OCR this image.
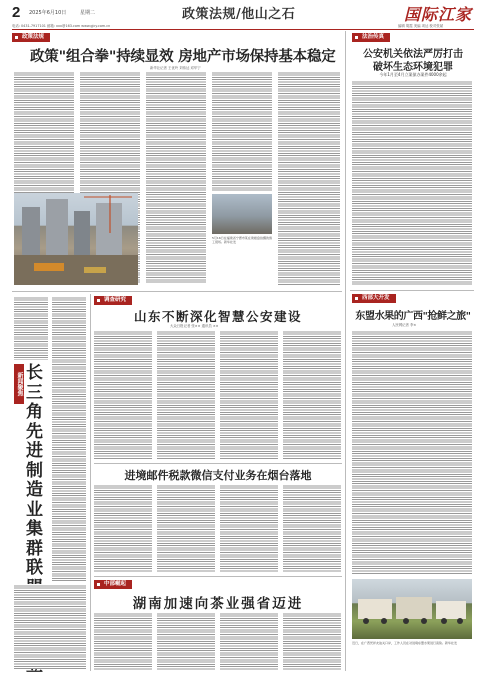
2 2025年6月10日	星期二	政策法规/他山之石	国际江家
电话: 0431-7917101 邮箱: xxx@163.com www.gjcy.com.cn	编辑 胡霞 美编 项达 校对张斌
政策法规
政策"组合拳"持续显效 房地产市场保持基本稳定
新华社记者 王优玲 刘伟达 邓华宁
5月16日在福建省宁德市某在建楼盘拍摄的施工现场。新华社发
法治传真
公安机关依法严厉打击
破坏生态环境犯罪
今年1月至4月立案侦办案件4000余起
西部大开发
东盟水果的广西"抢鲜之旅"
人民网记者 李×
近日，在广西凭祥友谊关口岸，工作人员在对进境东盟水果进行查验。新华社发
新闻聚焦 长
三
角
先
进
制
造
业
集
群
联
调查研究
山东不断深化智慧公安建设
大众日报记者 张×× 通讯员 ××
进境邮件税款微信支付业务在烟台落地
中部崛起
湖南加速向茶业强省迈进
